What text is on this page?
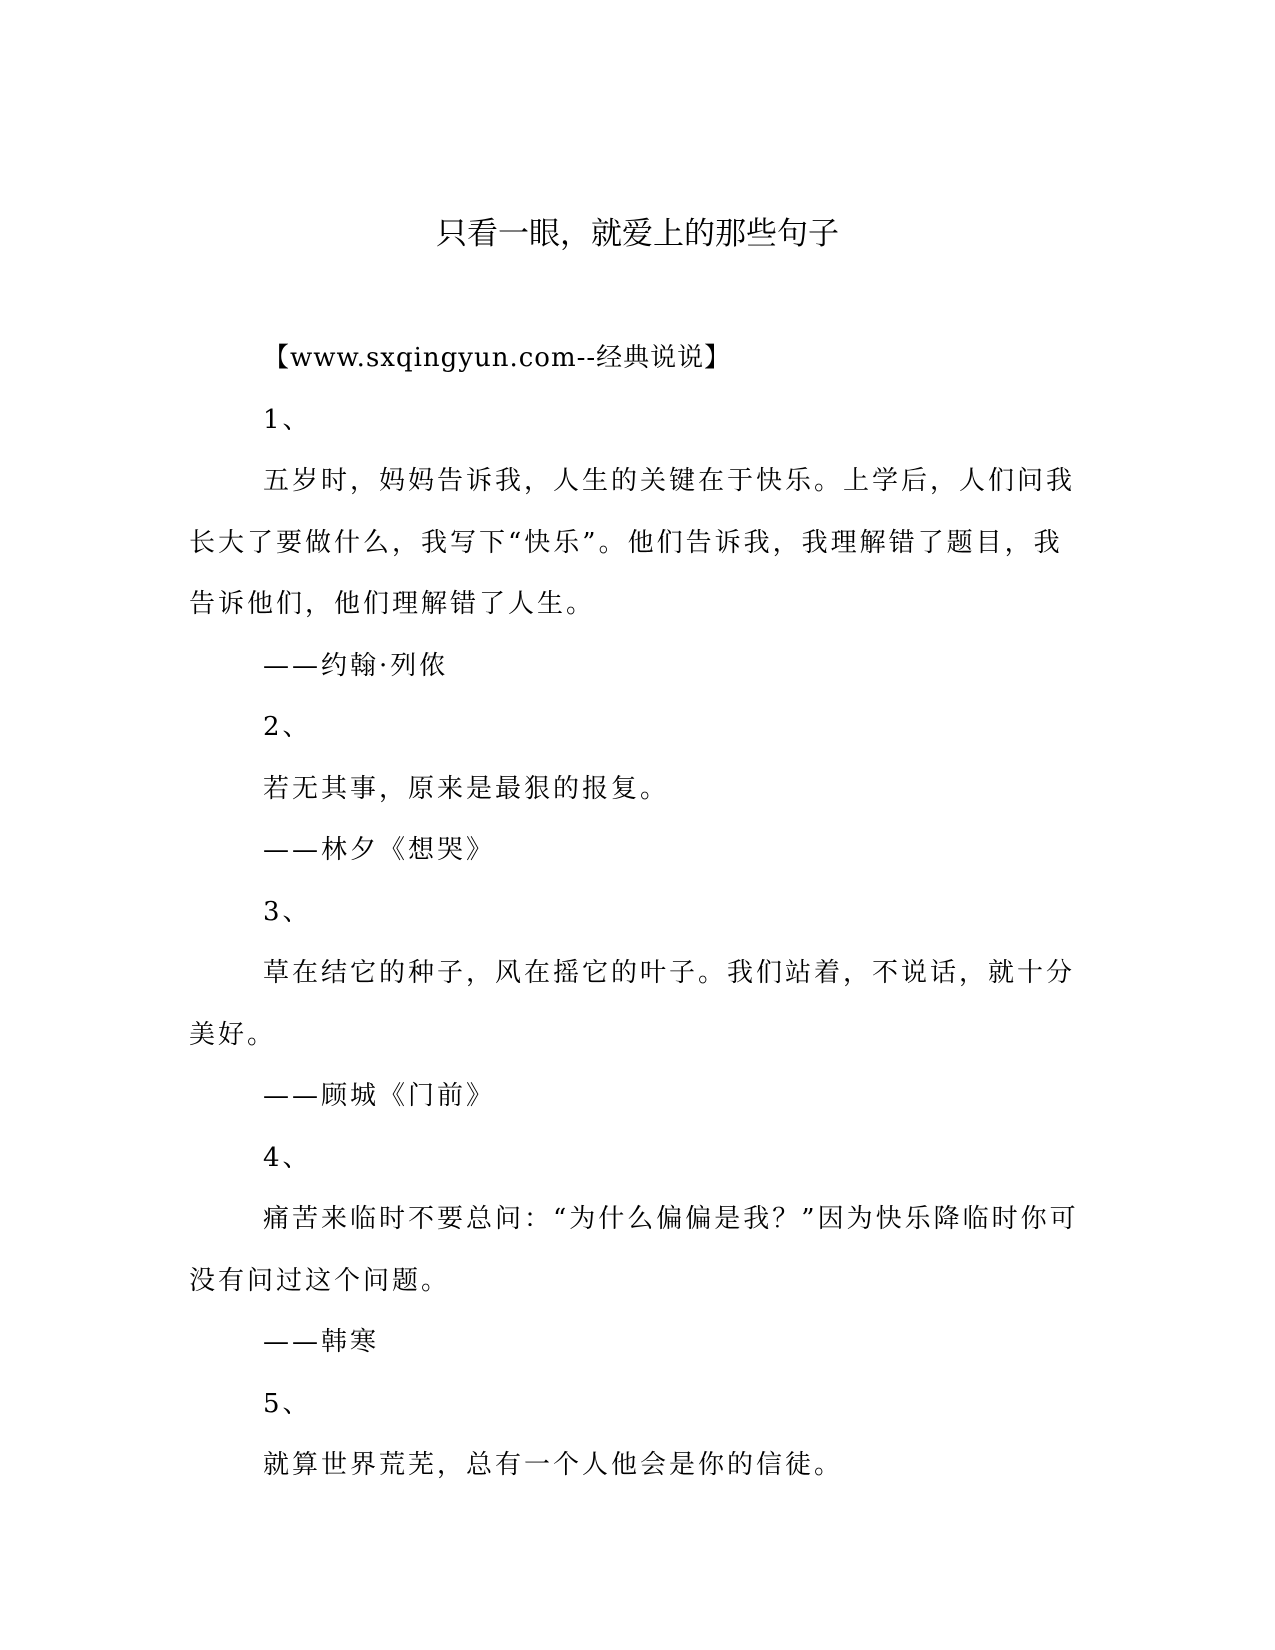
只看一眼，就爱上的那些句子

【www.sxqingyun.com--经典说说】

1、

五岁时，妈妈告诉我，人生的关键在于快乐。上学后，人们问我

长大了要做什么，我写下“快乐”。他们告诉我，我理解错了题目，我

告诉他们，他们理解错了人生。

——约翰·列侬

2、

若无其事，原来是最狠的报复。

——林夕《想哭》

3、

草在结它的种子，风在摇它的叶子。我们站着，不说话，就十分

美好。

——顾城《门前》

4、

痛苦来临时不要总问：“为什么偏偏是我？”因为快乐降临时你可

没有问过这个问题。

——韩寒

5、

就算世界荒芜，总有一个人他会是你的信徒。
